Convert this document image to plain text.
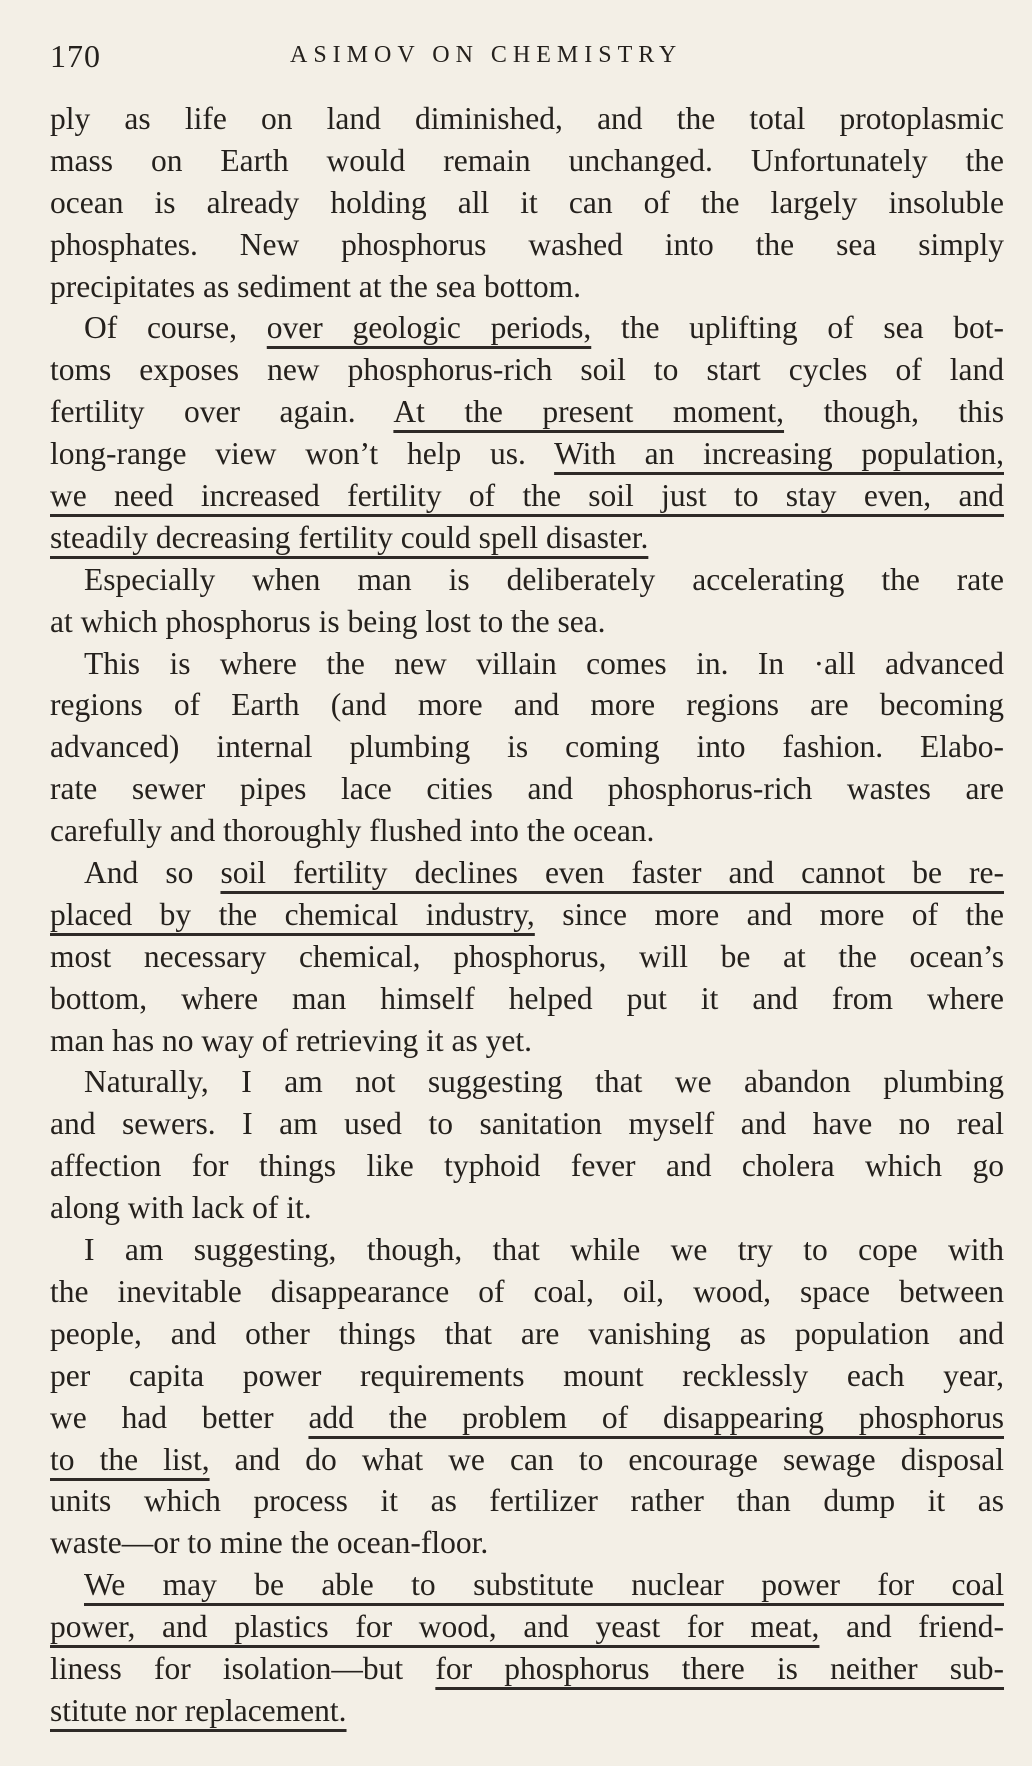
170	ASIMOV ON CHEMISTRY
ply as life on land diminished, and the total protoplasmic
mass on Earth would remain unchanged. Unfortunately the
ocean is already holding all it can of the largely insoluble
phosphates. New phosphorus washed into the sea simply
precipitates as sediment at the sea bottom.
Of course, over geologic periods, the uplifting of sea bot-
toms exposes new phosphorus-rich soil to start cycles of land
fertility over again. At the present moment, though, this
long-range view won’t help us. With an increasing population,
we need increased fertility of the soil just to stay even, and
steadily decreasing fertility could spell disaster.
Especially when man is deliberately accelerating the rate
at which phosphorus is being lost to the sea.
This is where the new villain comes in. In ·all advanced
regions of Earth (and more and more regions are becoming
advanced) internal plumbing is coming into fashion. Elabo-
rate sewer pipes lace cities and phosphorus-rich wastes are
carefully and thoroughly flushed into the ocean.
And so soil fertility declines even faster and cannot be re-
placed by the chemical industry, since more and more of the
most necessary chemical, phosphorus, will be at the ocean’s
bottom, where man himself helped put it and from where
man has no way of retrieving it as yet.
Naturally, I am not suggesting that we abandon plumbing
and sewers. I am used to sanitation myself and have no real
affection for things like typhoid fever and cholera which go
along with lack of it.
I am suggesting, though, that while we try to cope with
the inevitable disappearance of coal, oil, wood, space between
people, and other things that are vanishing as population and
per capita power requirements mount recklessly each year,
we had better add the problem of disappearing phosphorus
to the list, and do what we can to encourage sewage disposal
units which process it as fertilizer rather than dump it as
waste—or to mine the ocean-floor.
We may be able to substitute nuclear power for coal
power, and plastics for wood, and yeast for meat, and friend-
liness for isolation—but for phosphorus there is neither sub-
stitute nor replacement.
